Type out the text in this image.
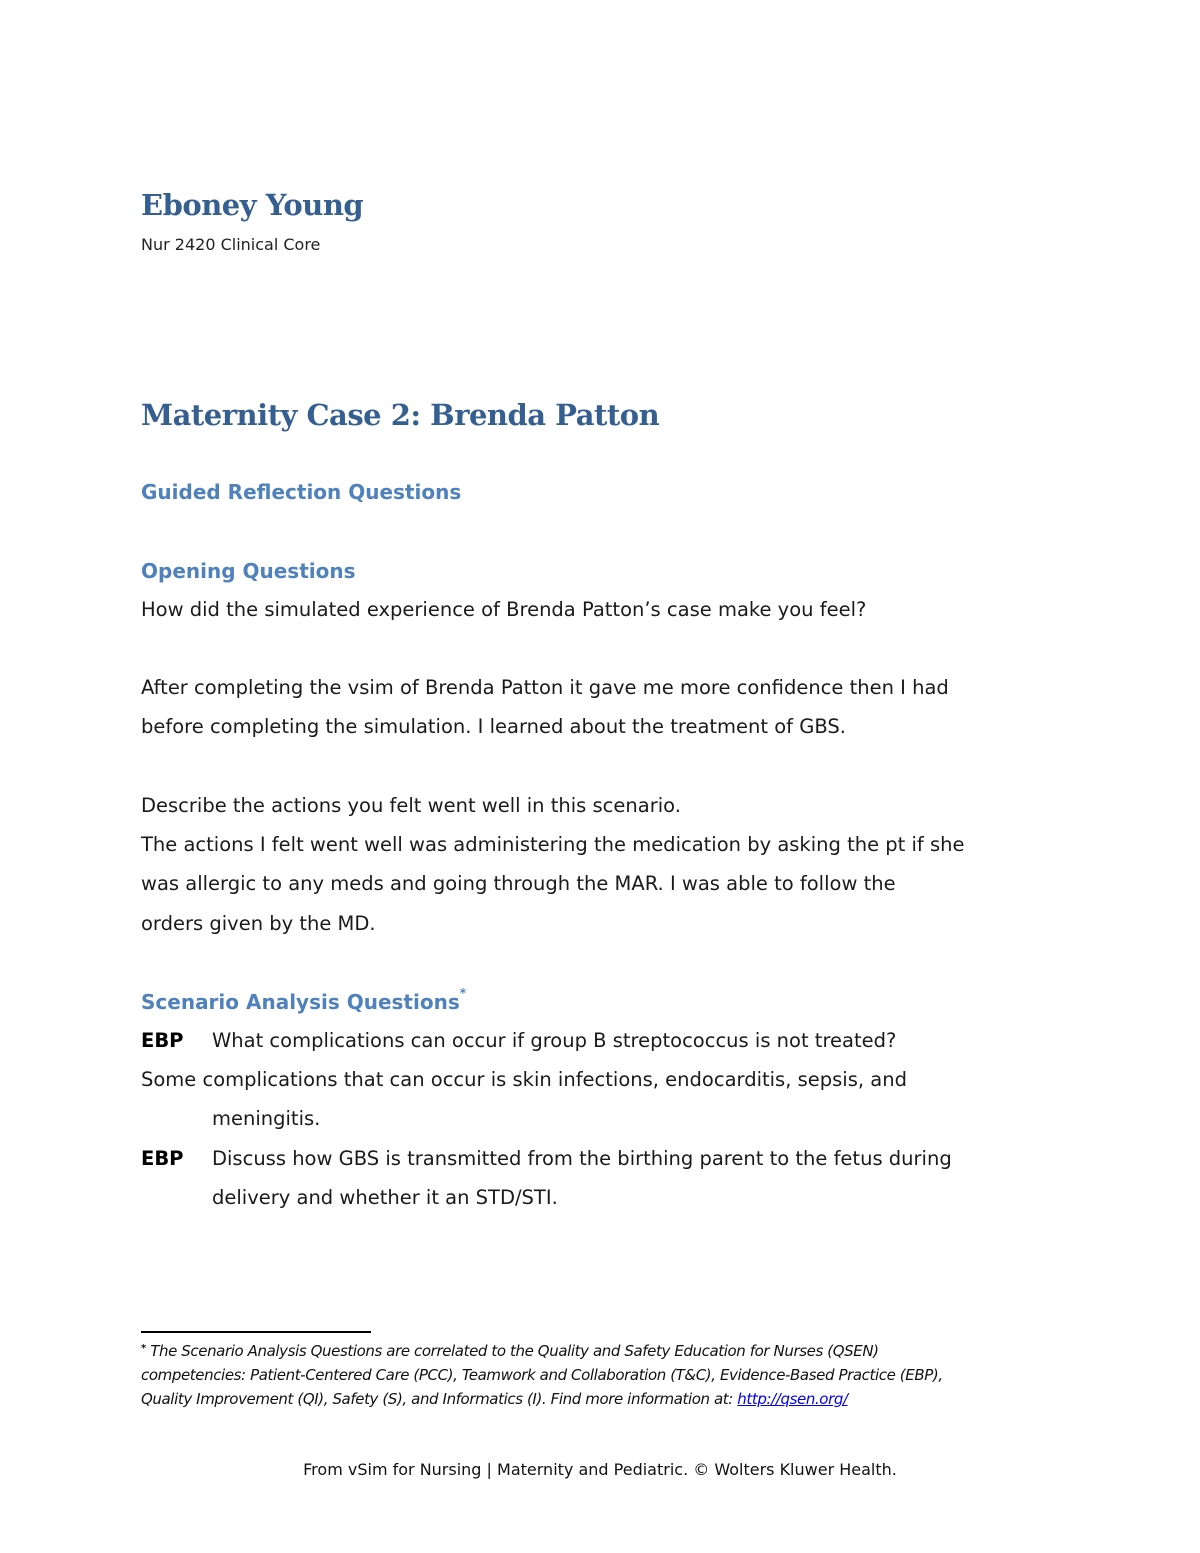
Eboney Young
Nur 2420 Clinical Core
Maternity Case 2: Brenda Patton
Guided Reflection Questions
Opening Questions
How did the simulated experience of Brenda Patton’s case make you feel?
After completing the vsim of Brenda Patton it gave me more confidence then I had
before completing the simulation. I learned about the treatment of GBS.
Describe the actions you felt went well in this scenario.
The actions I felt went well was administering the medication by asking the pt if she
was allergic to any meds and going through the MAR. I was able to follow the
orders given by the MD.
Scenario Analysis Questions*
EBP What complications can occur if group B streptococcus is not treated?
Some complications that can occur is skin infections, endocarditis, sepsis, and
meningitis.
EBP Discuss how GBS is transmitted from the birthing parent to the fetus during
delivery and whether it an STD/STI.
* The Scenario Analysis Questions are correlated to the Quality and Safety Education for Nurses (QSEN)
competencies: Patient-Centered Care (PCC), Teamwork and Collaboration (T&C), Evidence-Based Practice (EBP),
Quality Improvement (QI), Safety (S), and Informatics (I). Find more information at: http://qsen.org/
From vSim for Nursing | Maternity and Pediatric. © Wolters Kluwer Health.
